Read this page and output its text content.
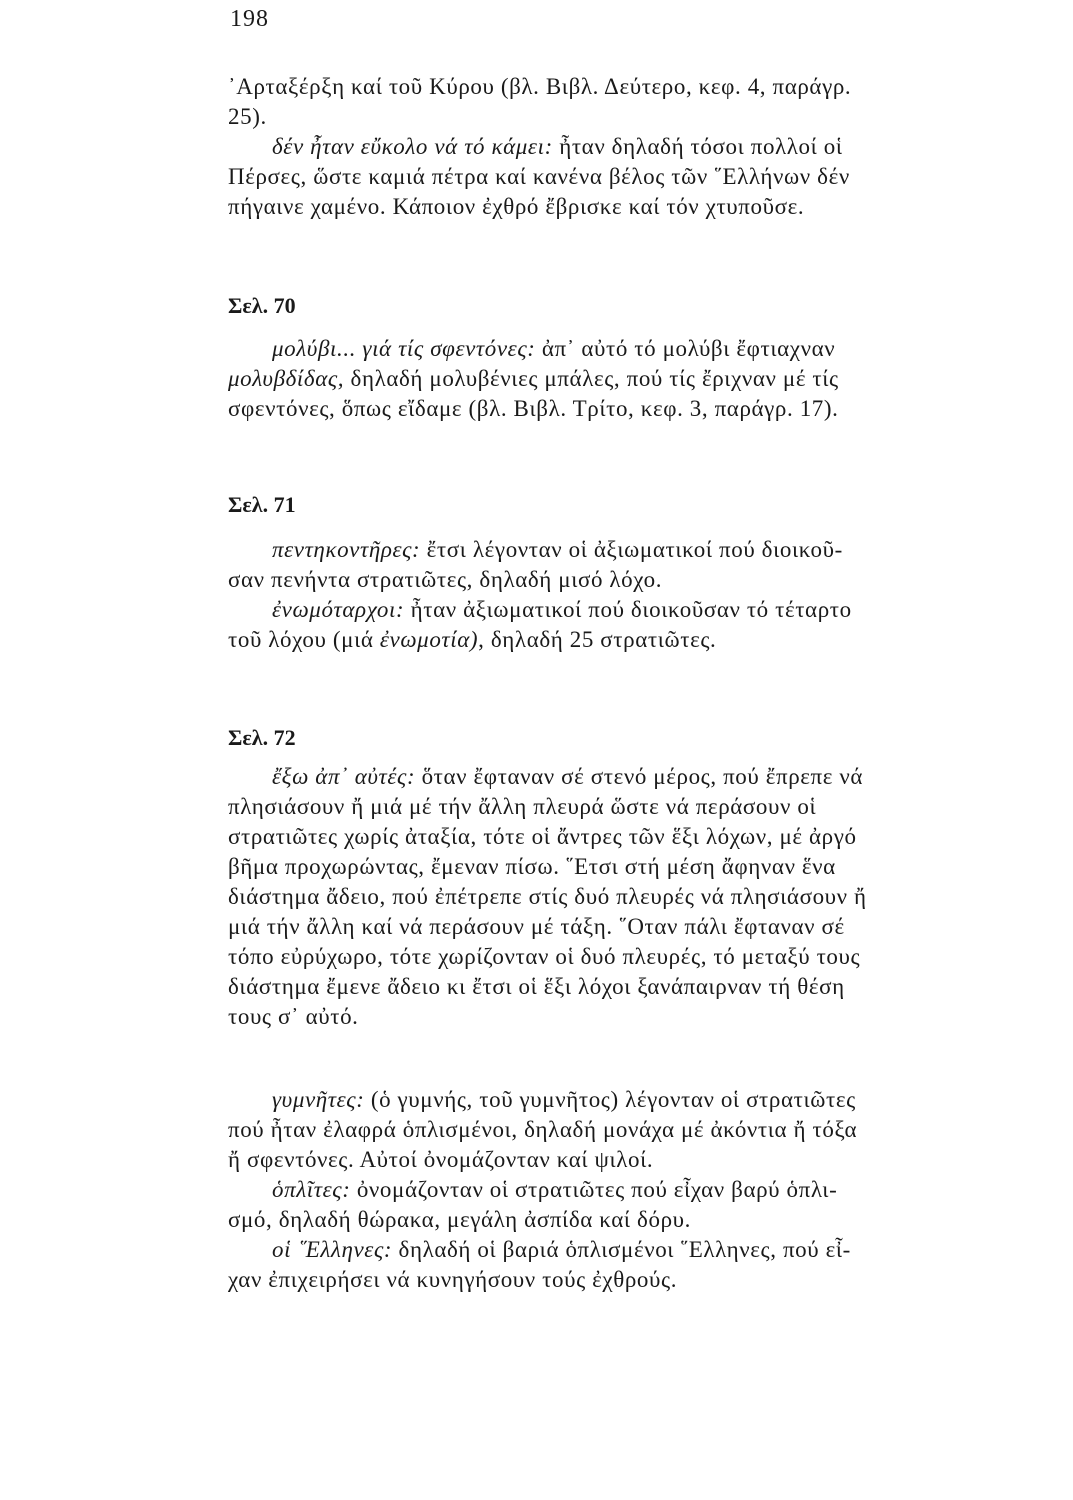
198
᾿Αρταξέρξη καί τοῦ Κύρου (βλ. Βιβλ. Δεύτερο, κεφ. 4, παράγρ.
25).
δέν ἦταν εὔκολο νά τό κάμει: ἦταν δηλαδή τόσοι πολλοί οἱ
Πέρσες, ὥστε καμιά πέτρα καί κανένα βέλος τῶν ῞Ελλήνων δέν
πήγαινε χαμένο. Κάποιον ἐχθρό ἔβρισκε καί τόν χτυποῦσε.
Σελ. 70
μολύβι... γιά τίς σφεντόνες: ἀπ᾿ αὐτό τό μολύβι ἔφτιαχναν
μολυβδίδας, δηλαδή μολυβένιες μπάλες, πού τίς ἔριχναν μέ τίς
σφεντόνες, ὅπως εἴδαμε (βλ. Βιβλ. Τρίτο, κεφ. 3, παράγρ. 17).
Σελ. 71
πεντηκοντῆρες: ἔτσι λέγονταν οἱ ἀξιωματικοί πού διοικοῦ-
σαν πενήντα στρατιῶτες, δηλαδή μισό λόχο.
ἐνωμόταρχοι: ἦταν ἀξιωματικοί πού διοικοῦσαν τό τέταρτο
τοῦ λόχου (μιά ἐνωμοτία), δηλαδή 25 στρατιῶτες.
Σελ. 72
ἔξω ἀπ᾿ αὐτές: ὅταν ἔφταναν σέ στενό μέρος, πού ἔπρεπε νά
πλησιάσουν ἤ μιά μέ τήν ἄλλη πλευρά ὥστε νά περάσουν οἱ
στρατιῶτες χωρίς ἀταξία, τότε οἱ ἄντρες τῶν ἕξι λόχων, μέ ἀργό
βῆμα προχωρώντας, ἔμεναν πίσω. ῞Ετσι στή μέση ἄφηναν ἕνα
διάστημα ἄδειο, πού ἐπέτρεπε στίς δυό πλευρές νά πλησιάσουν ἤ
μιά τήν ἄλλη καί νά περάσουν μέ τάξη. ῞Οταν πάλι ἔφταναν σέ
τόπο εὐρύχωρο, τότε χωρίζονταν οἱ δυό πλευρές, τό μεταξύ τους
διάστημα ἔμενε ἄδειο κι ἔτσι οἱ ἕξι λόχοι ξανάπαιρναν τή θέση
τους σ᾿ αὐτό.
γυμνῆτες: (ὁ γυμνής, τοῦ γυμνῆτος) λέγονταν οἱ στρατιῶτες
πού ἦταν ἐλαφρά ὁπλισμένοι, δηλαδή μονάχα μέ ἀκόντια ἤ τόξα
ἤ σφεντόνες. Αὐτοί ὀνομάζονταν καί ψιλοί.
ὁπλῖτες: ὀνομάζονταν οἱ στρατιῶτες πού εἶχαν βαρύ ὁπλι-
σμό, δηλαδή θώρακα, μεγάλη ἀσπίδα καί δόρυ.
οἱ ῞Ελληνες: δηλαδή οἱ βαριά ὁπλισμένοι ῞Ελληνες, πού εἶ-
χαν ἐπιχειρήσει νά κυνηγήσουν τούς ἐχθρούς.
